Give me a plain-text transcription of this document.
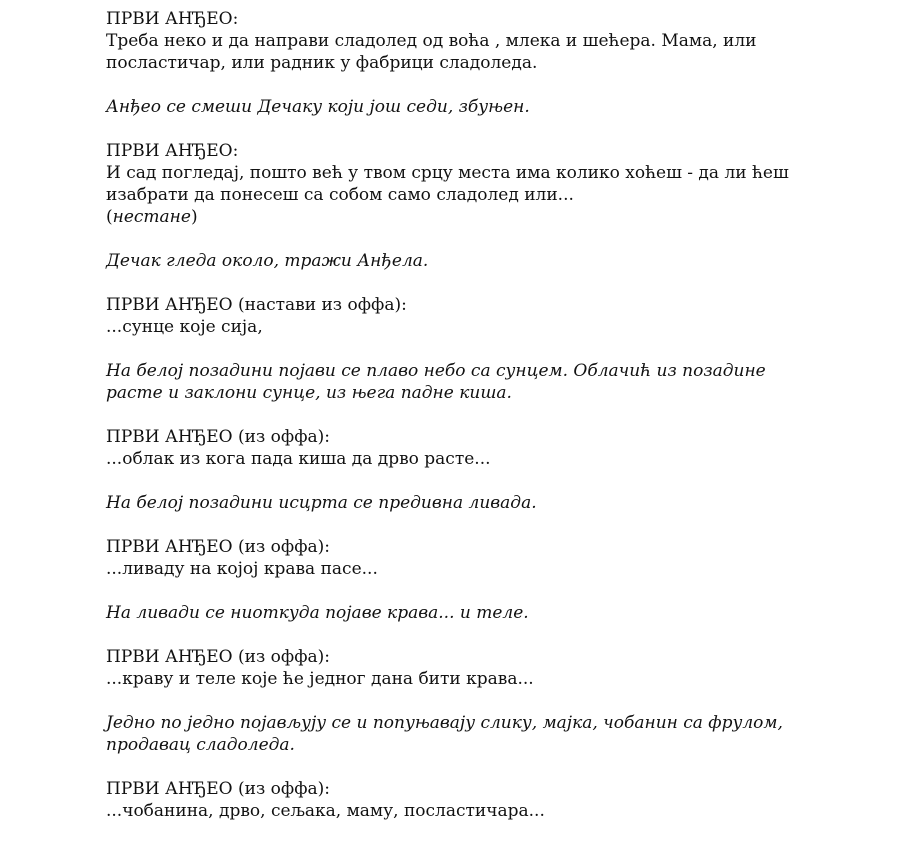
ПРВИ АНЂЕО:
Треба неко и да направи сладолед од воћа , млека и шећера. Мама, или
посластичар, или радник у фабрици сладоледа.
Анђео се смеши Дечаку који још седи, збуњен.
ПРВИ АНЂЕО:
И сад погледај, пошто већ у твом срцу места има колико хоћеш - да ли ћеш
изабрати да понесеш са собом само сладолед или...
(нестане)
Дечак гледа около, тражи Анђела.
ПРВИ АНЂЕО (настави из оффа):
...сунце које сија,
На белој позадини појави се плаво небо са сунцем. Облачић из позадине
расте и заклони сунце, из њега падне киша.
ПРВИ АНЂЕО (из оффа):
...облак из кога пада киша да дрво расте...
На белој позадини исцрта се предивна ливада.
ПРВИ АНЂЕО (из оффа):
...ливаду на којој крава пасе...
На ливади се ниоткуда појаве крава... и теле.
ПРВИ АНЂЕО (из оффа):
...краву и теле које ће једног дана бити крава...
Једно по једно појављују се и попуњавају слику, мајка, чобанин са фрулом,
продавац сладоледа.
ПРВИ АНЂЕО (из оффа):
...чобанина, дрво, сељака, маму, посластичара...
